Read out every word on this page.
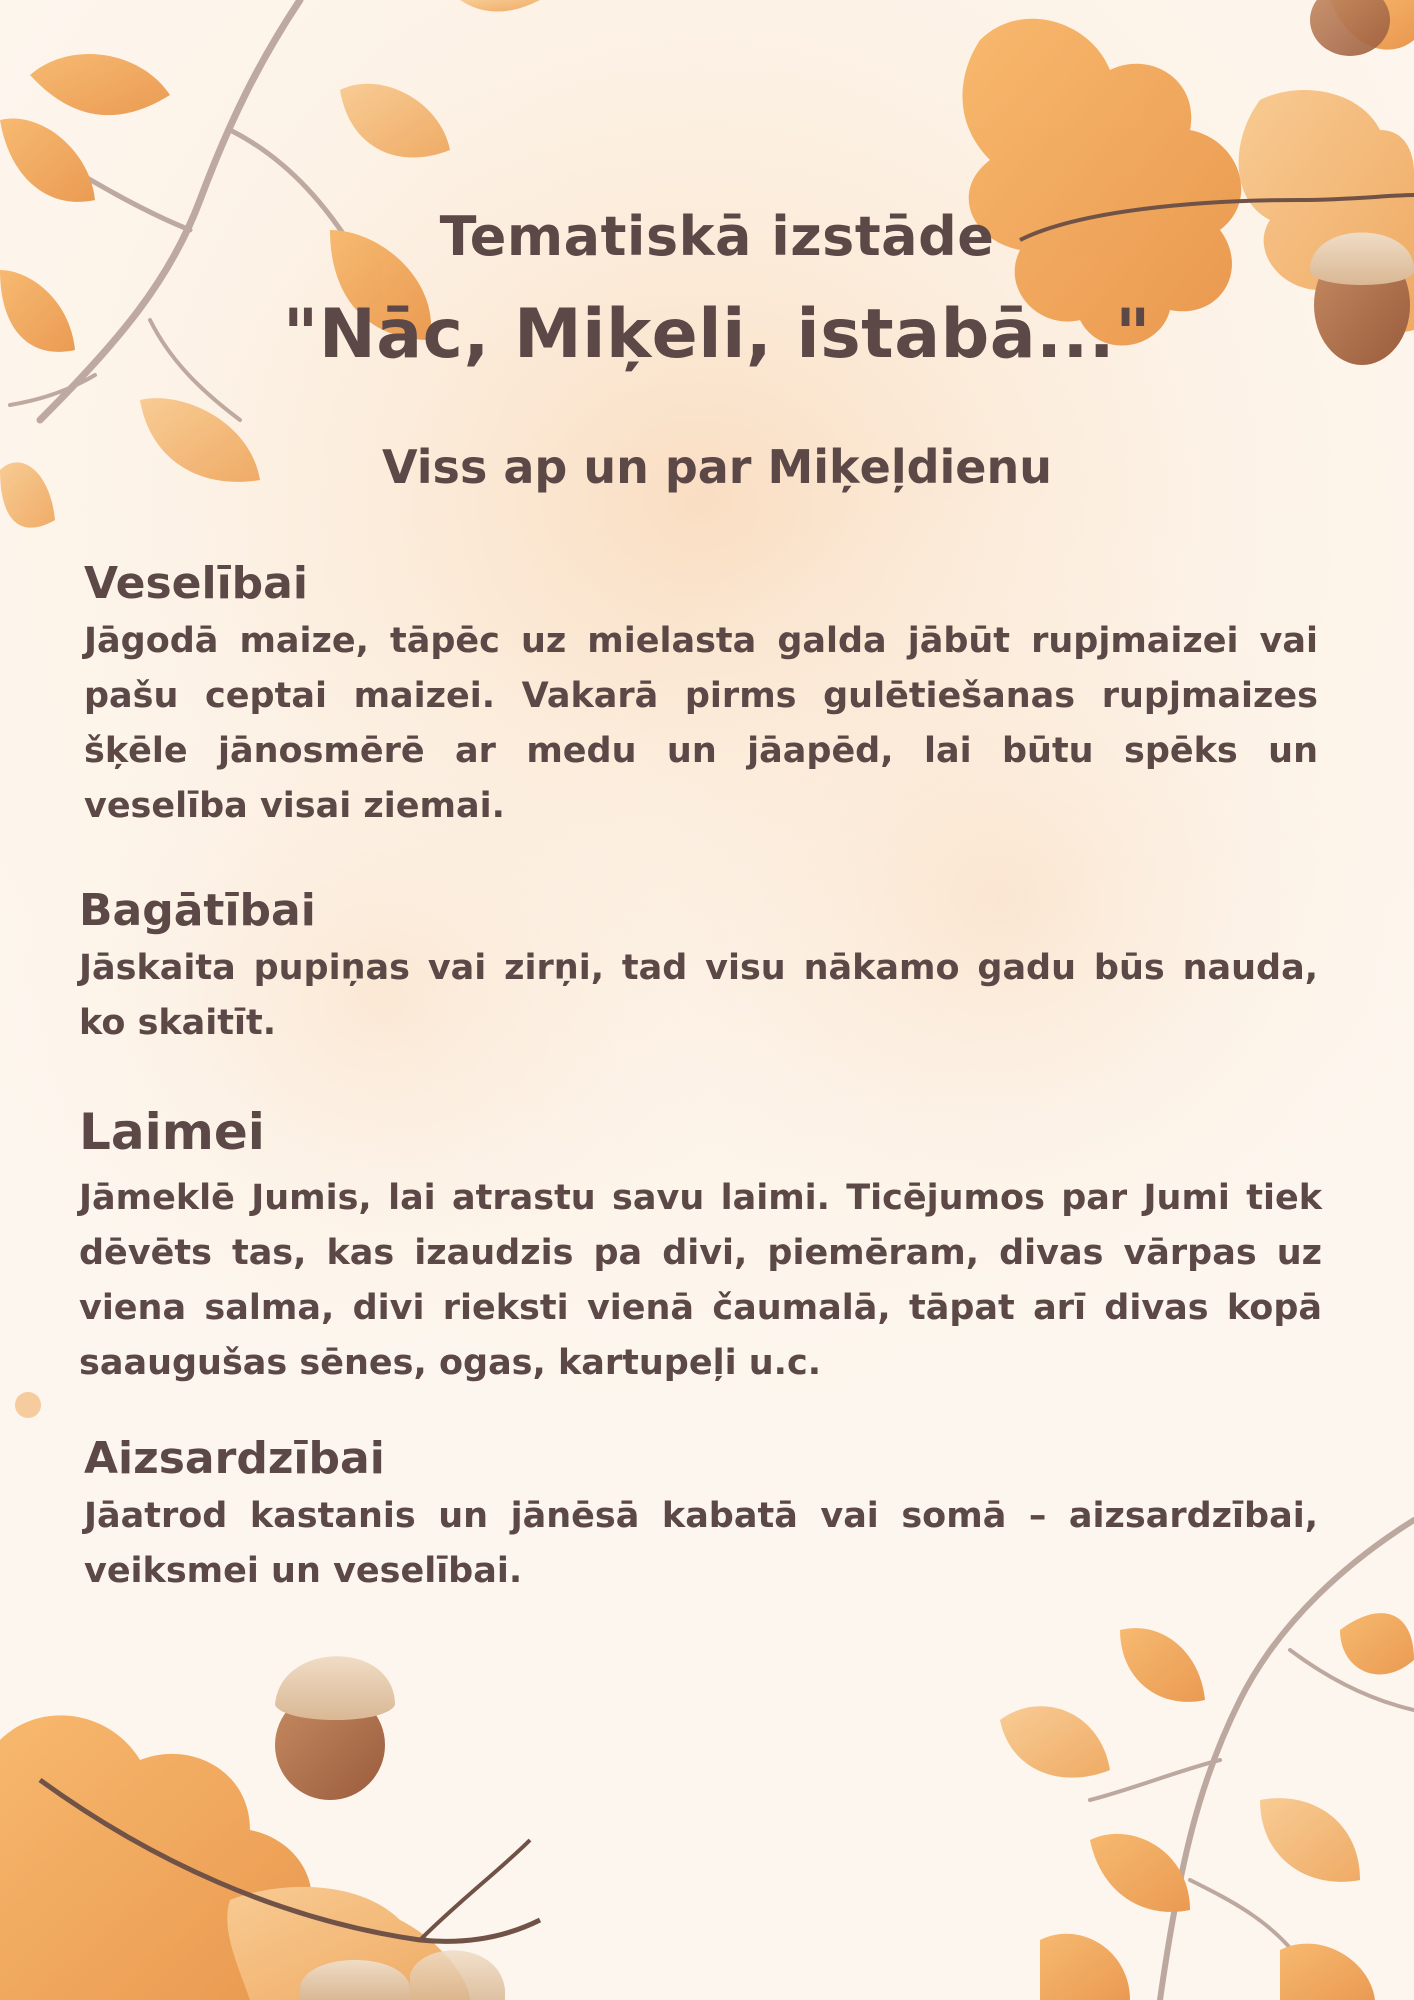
Tematiskā izstāde
"Nāc, Miķeli, istabā..."
Viss ap un par Miķeļdienu
Veselībai

Jāgodā maize, tāpēc uz mielasta galda jābūt rupjmaizei vai pašu ceptai maizei. Vakarā pirms gulētiešanas rupjmaizes šķēle jānosmērē ar medu un jāapēd, lai būtu spēks un veselība visai ziemai.

Bagātībai

Jāskaita pupiņas vai zirņi, tad visu nākamo gadu būs nauda, ko skaitīt.

Laimei

Jāmeklē Jumis, lai atrastu savu laimi. Ticējumos par Jumi tiek dēvēts tas, kas izaudzis pa divi, piemēram, divas vārpas uz viena salma, divi rieksti vienā čaumalā, tāpat arī divas kopā saaugušas sēnes, ogas, kartupeļi u.c.

Aizsardzībai

Jāatrod kastanis un jānēsā kabatā vai somā – aizsardzībai, veiksmei un veselībai.
